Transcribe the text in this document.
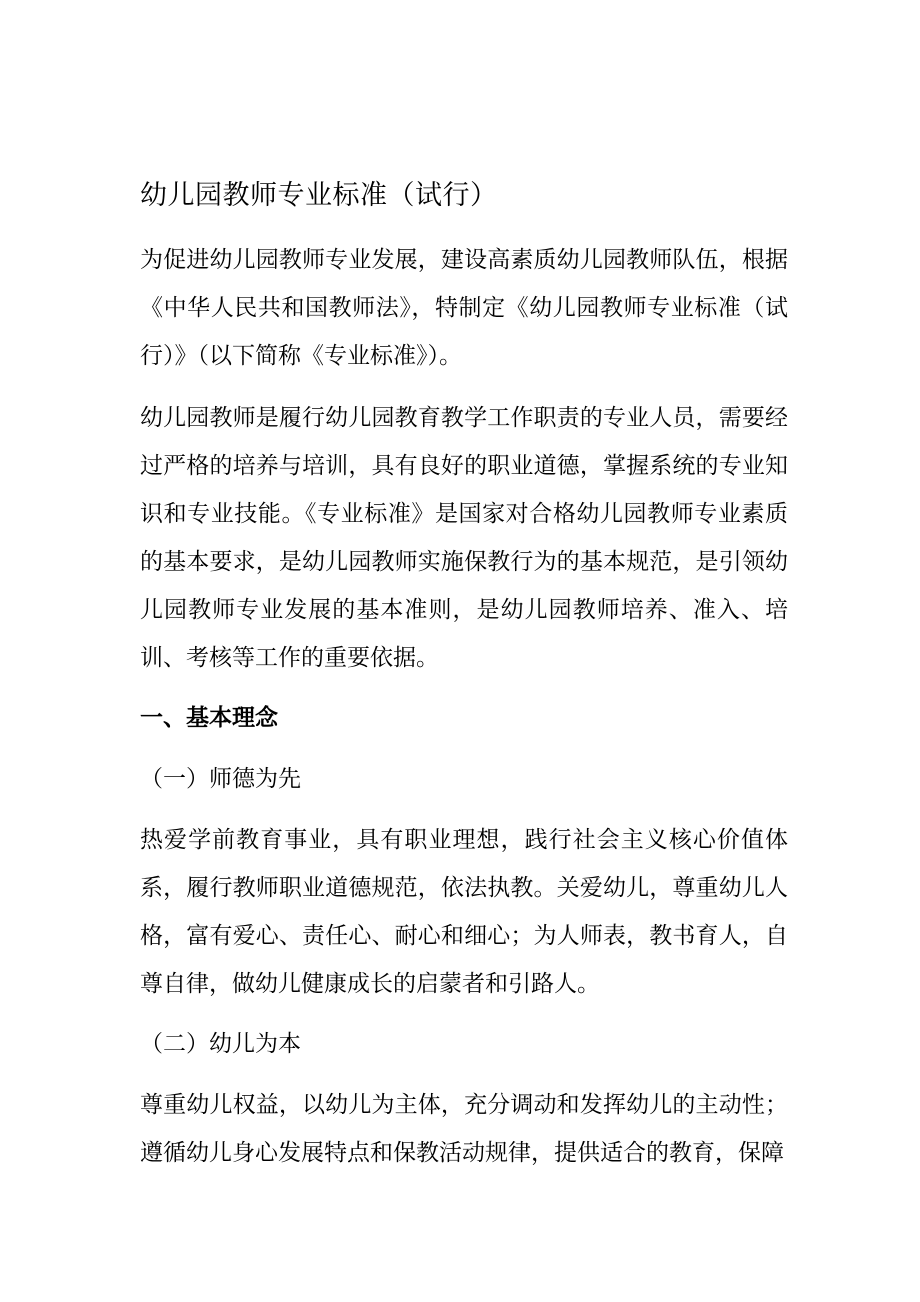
幼儿园教师专业标准（试行）

为促进幼儿园教师专业发展，建设高素质幼儿园教师队伍，根据《中华人民共和国教师法》，特制定《幼儿园教师专业标准（试行）》（以下简称《专业标准》）。

幼儿园教师是履行幼儿园教育教学工作职责的专业人员，需要经过严格的培养与培训，具有良好的职业道德，掌握系统的专业知识和专业技能。《专业标准》是国家对合格幼儿园教师专业素质的基本要求，是幼儿园教师实施保教行为的基本规范，是引领幼儿园教师专业发展的基本准则，是幼儿园教师培养、准入、培训、考核等工作的重要依据。

一、基本理念
（一）师德为先

热爱学前教育事业，具有职业理想，践行社会主义核心价值体系，履行教师职业道德规范，依法执教。关爱幼儿，尊重幼儿人格，富有爱心、责任心、耐心和细心；为人师表，教书育人，自尊自律，做幼儿健康成长的启蒙者和引路人。

（二）幼儿为本

尊重幼儿权益，以幼儿为主体，充分调动和发挥幼儿的主动性；遵循幼儿身心发展特点和保教活动规律，提供适合的教育，保障
